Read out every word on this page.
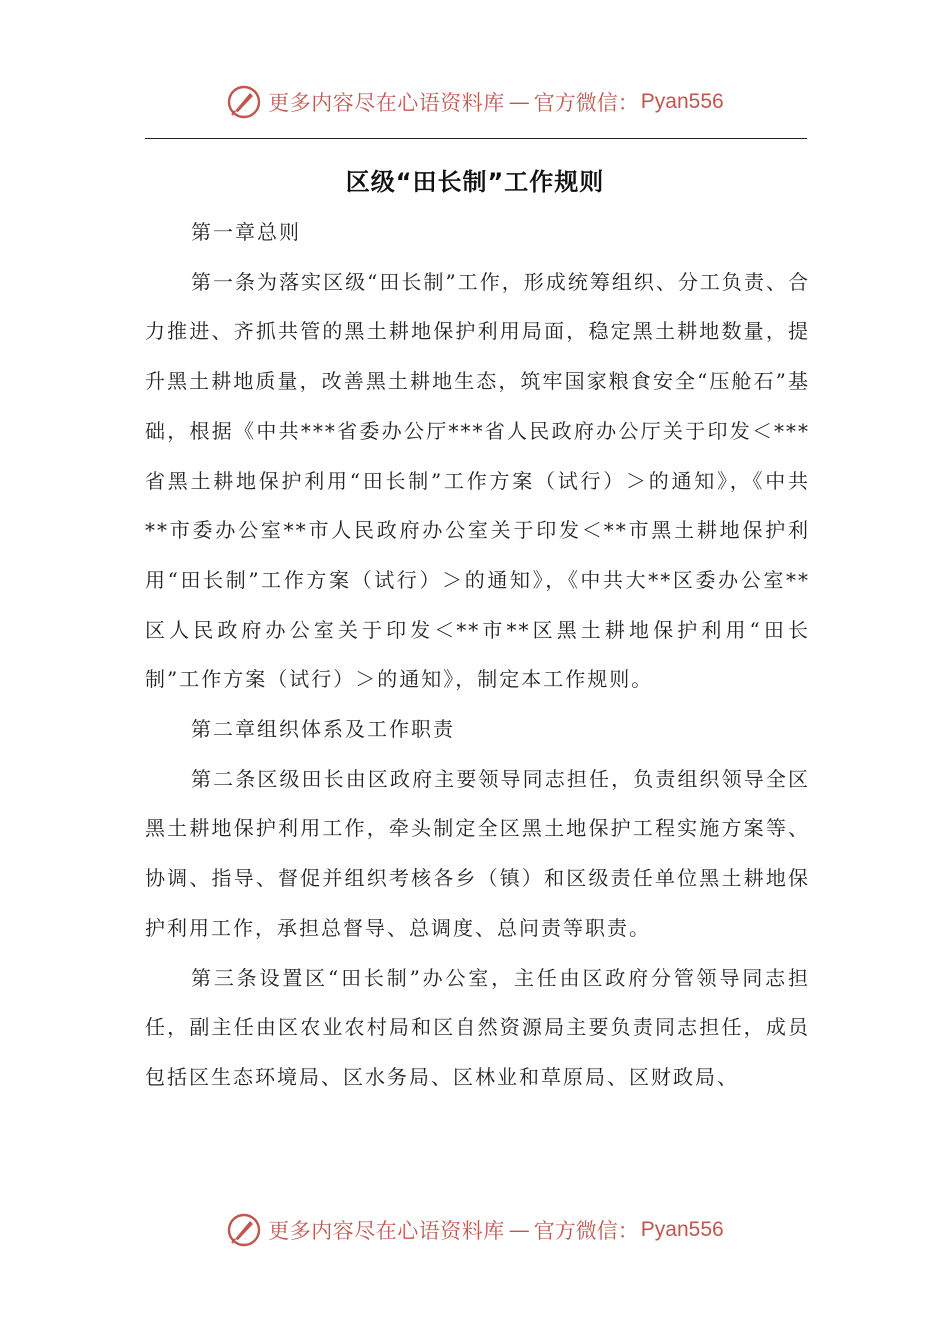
更多内容尽在心语资料库 — 官方微信： Pyan556
区级“田长制”工作规则

第一章总则

第一条为落实区级“田长制”工作，形成统筹组织、分工负责、合力推进、齐抓共管的黑土耕地保护利用局面，稳定黑土耕地数量，提升黑土耕地质量，改善黑土耕地生态，筑牢国家粮食安全“压舱石”基础，根据《中共***省委办公厅***省人民政府办公厅关于印发＜***省黑土耕地保护利用“田长制”工作方案（试行）＞的通知》，《中共**市委办公室**市人民政府办公室关于印发＜**市黑土耕地保护利用“田长制”工作方案（试行）＞的通知》，《中共大**区委办公室**区人民政府办公室关于印发＜**市**区黑土耕地保护利用“田长制”工作方案（试行）＞的通知》，制定本工作规则。

第二章组织体系及工作职责

第二条区级田长由区政府主要领导同志担任，负责组织领导全区黑土耕地保护利用工作，牵头制定全区黑土地保护工程实施方案等、协调、指导、督促并组织考核各乡（镇）和区级责任单位黑土耕地保护利用工作，承担总督导、总调度、总问责等职责。

第三条设置区“田长制”办公室，主任由区政府分管领导同志担任，副主任由区农业农村局和区自然资源局主要负责同志担任，成员包括区生态环境局、区水务局、区林业和草原局、区财政局、

更多内容尽在心语资料库 — 官方微信： Pyan556
